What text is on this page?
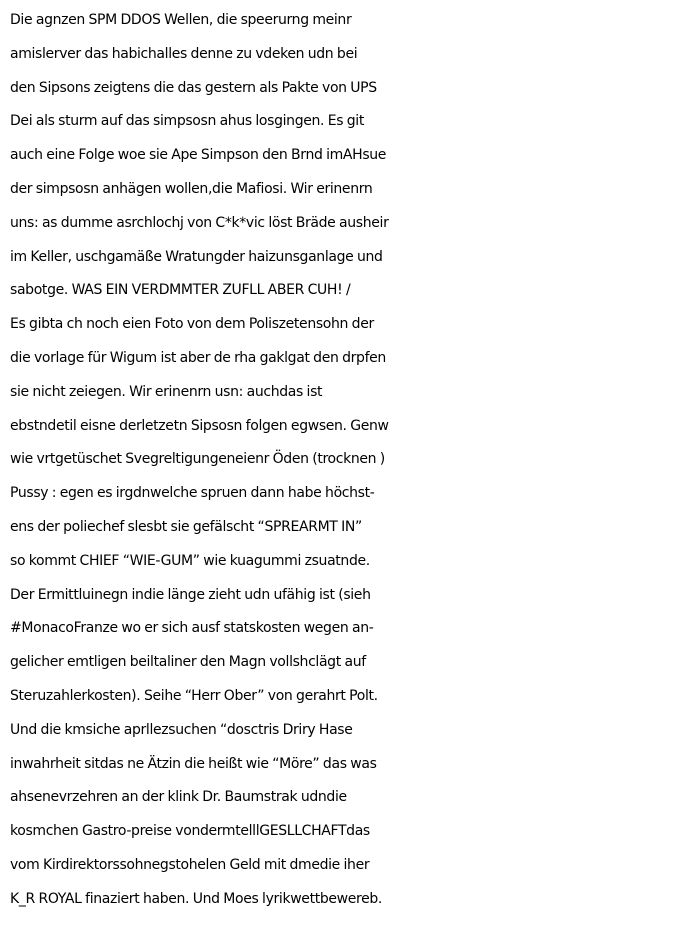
Die agnzen SPM DDOS Wellen, die speerurng meinr
amislerver das habichalles denne zu vdeken udn bei
den Sipsons zeigtens die das gestern als Pakte von UPS
Dei als sturm auf das simpsosn ahus losgingen. Es git
auch eine Folge woe sie Ape Simpson den Brnd imAHsue
der simpsosn anhägen wollen,die Mafiosi. Wir erinenrn
uns: as dumme asrchlochj von C*k*vic löst Bräde ausheir
im Keller, uschgamäße Wratungder haizunsganlage und
sabotge. WAS EIN VERDMMTER ZUFLL ABER CUH! /
Es gibta ch noch eien Foto von dem Poliszetensohn der
die vorlage für Wigum ist aber de rha gaklgat den drpfen
sie nicht zeiegen. Wir erinenrn usn: auchdas ist
ebstndetil eisne derletzetn Sipsosn folgen egwsen. Genw
wie vrtgetüschet Svegreltigungeneienr Öden (trocknen )
Pussy : egen es irgdnwelche spruen dann habe höchst-
ens der poliechef slesbt sie gefälscht “SPREARMT IN”
so kommt CHIEF “WIE-GUM” wie kuagummi zsuatnde.
Der Ermittluinegn indie länge zieht udn ufähig ist (sieh
#MonacoFranze wo er sich ausf statskosten wegen an-
gelicher emtligen beiltaliner den Magn vollshclägt auf
Steruzahlerkosten). Seihe “Herr Ober” von gerahrt Polt.
Und die kmsiche aprllezsuchen “dosctris Driry Hase
inwahrheit sitdas ne Ätzin die heißt wie “Möre” das was
ahsenevrzehren an der klink Dr. Baumstrak udndie
kosmchen Gastro-preise vondermtelllGESLLCHAFTdas
vom Kirdirektorssohnegstohelen Geld mit dmedie iher
K_R ROYAL finaziert haben. Und Moes lyrikwettbewereb.
